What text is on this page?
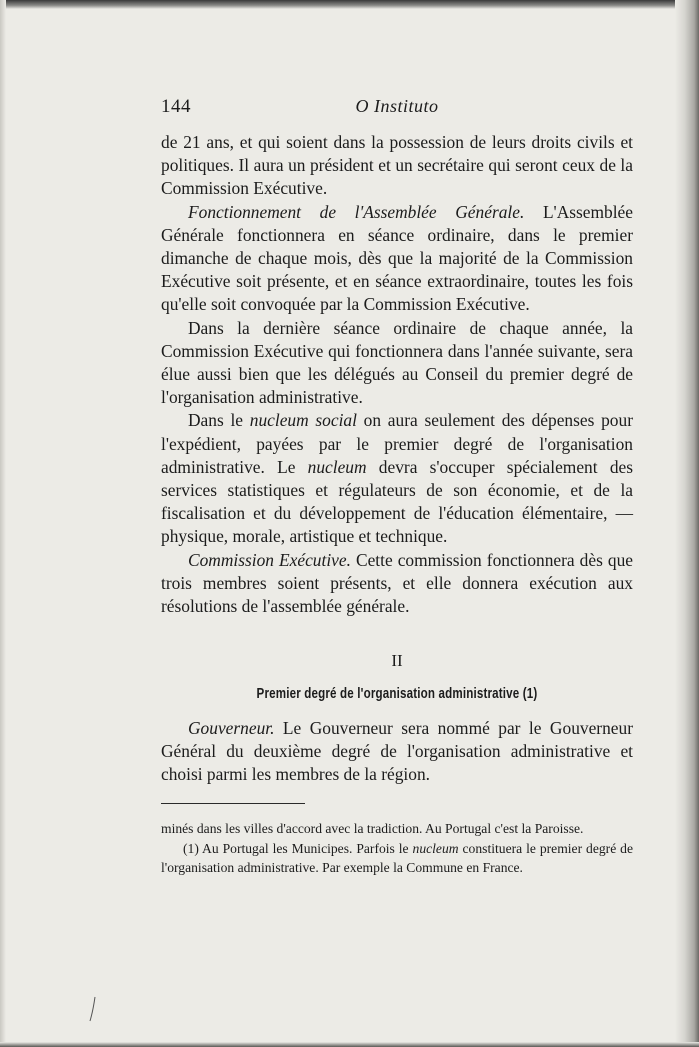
144	O Instituto

de 21 ans, et qui soient dans la possession de leurs droits civils et politiques. Il aura un président et un secrétaire qui seront ceux de la Commission Exécutive.

Fonctionnement de l'Assemblée Générale. L'Assemblée Générale fonctionnera en séance ordinaire, dans le premier dimanche de chaque mois, dès que la majorité de la Commission Exécutive soit présente, et en séance extraordinaire, toutes les fois qu'elle soit convoquée par la Commission Exécutive.

Dans la dernière séance ordinaire de chaque année, la Commission Exécutive qui fonctionnera dans l'année suivante, sera élue aussi bien que les délégués au Conseil du premier degré de l'organisation administrative.

Dans le nucleum social on aura seulement des dépenses pour l'expédient, payées par le premier degré de l'organisation administrative. Le nucleum devra s'occuper spécialement des services statistiques et régulateurs de son économie, et de la fiscalisation et du développement de l'éducation élémentaire, — physique, morale, artistique et technique.

Commission Exécutive. Cette commission fonctionnera dès que trois membres soient présents, et elle donnera exécution aux résolutions de l'assemblée générale.

II
Premier degré de l'organisation administrative (1)

Gouverneur. Le Gouverneur sera nommé par le Gouverneur Général du deuxième degré de l'organisation administrative et choisi parmi les membres de la région.

minés dans les villes d'accord avec la tradiction. Au Portugal c'est la Paroisse.

(1) Au Portugal les Municipes. Parfois le nucleum constituera le premier degré de l'organisation administrative. Par exemple la Commune en France.
